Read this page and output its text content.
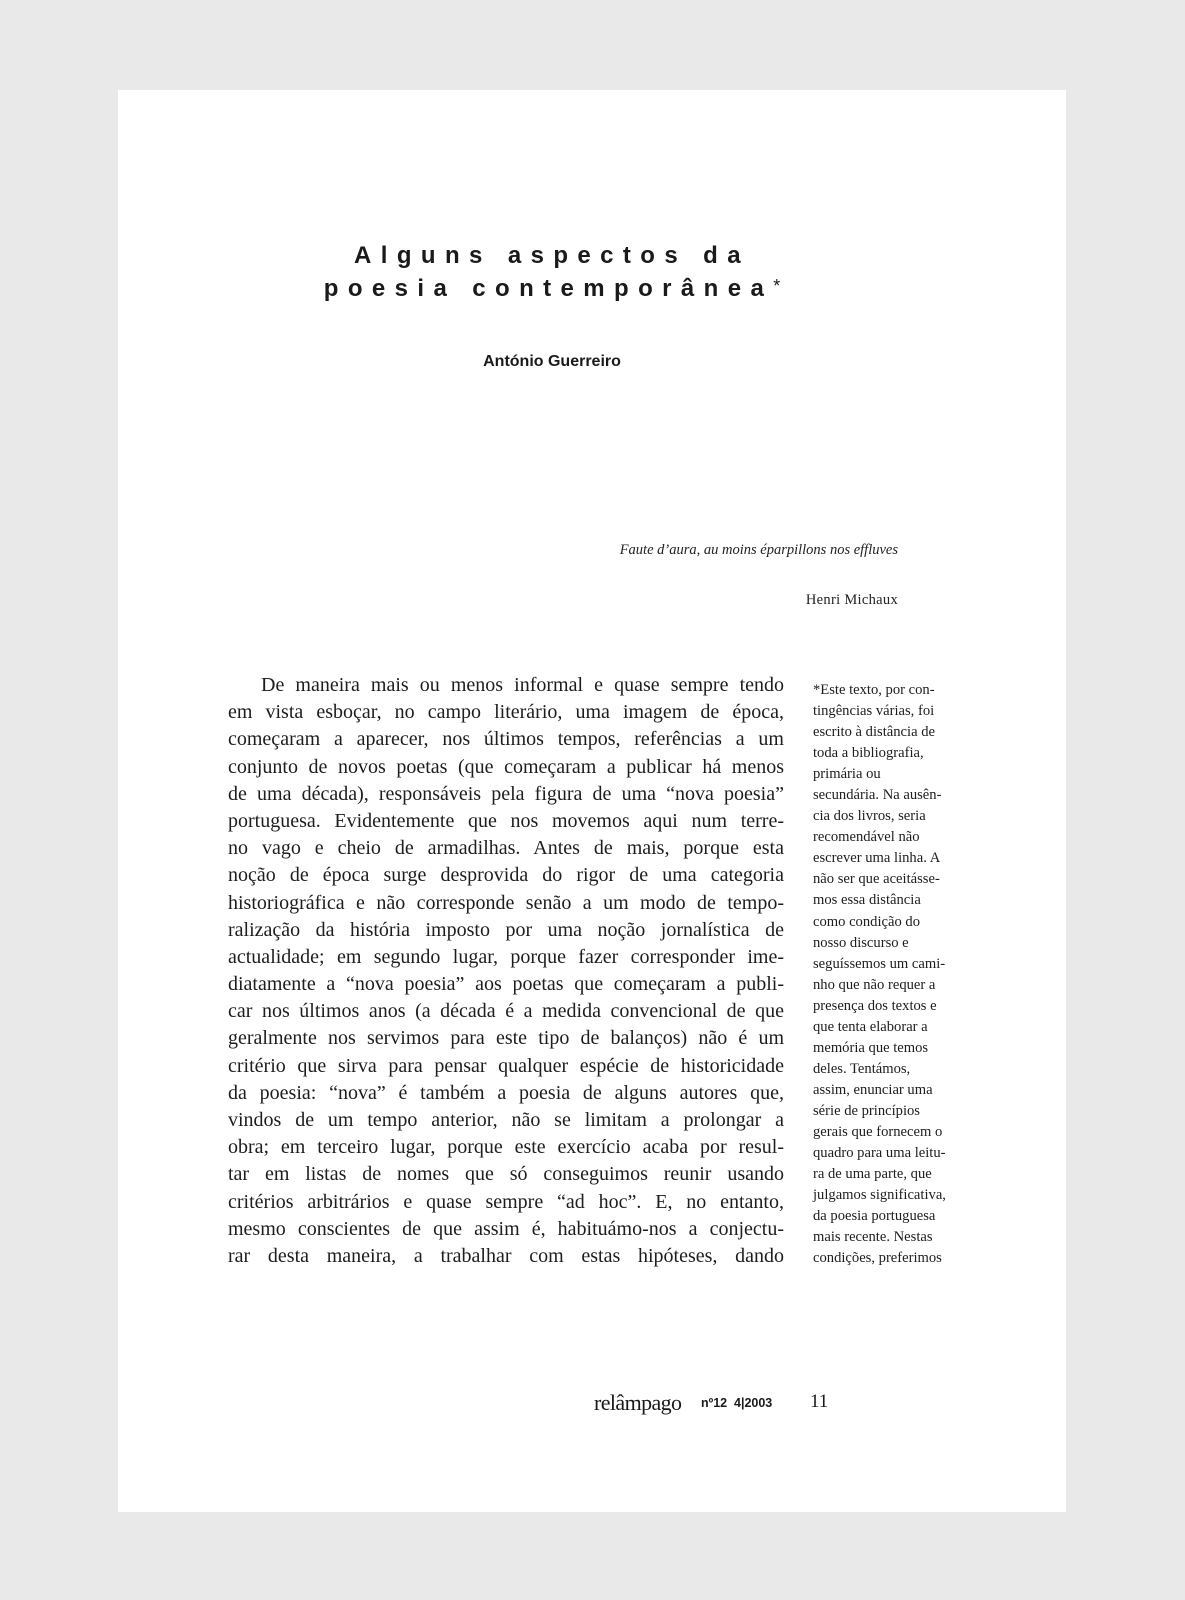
Alguns aspectos da
poesia contemporânea*
António Guerreiro
Faute d’aura, au moins éparpillons nos effluves
Henri Michaux
De maneira mais ou menos informal e quase sempre tendo
em vista esboçar, no campo literário, uma imagem de época,
começaram a aparecer, nos últimos tempos, referências a um
conjunto de novos poetas (que começaram a publicar há menos
de uma década), responsáveis pela figura de uma “nova poesia”
portuguesa. Evidentemente que nos movemos aqui num terre-
no vago e cheio de armadilhas. Antes de mais, porque esta
noção de época surge desprovida do rigor de uma categoria
historiográfica e não corresponde senão a um modo de tempo-
ralização da história imposto por uma noção jornalística de
actualidade; em segundo lugar, porque fazer corresponder ime-
diatamente a “nova poesia” aos poetas que começaram a publi-
car nos últimos anos (a década é a medida convencional de que
geralmente nos servimos para este tipo de balanços) não é um
critério que sirva para pensar qualquer espécie de historicidade
da poesia: “nova” é também a poesia de alguns autores que,
vindos de um tempo anterior, não se limitam a prolongar a
obra; em terceiro lugar, porque este exercício acaba por resul-
tar em listas de nomes que só conseguimos reunir usando
critérios arbitrários e quase sempre “ad hoc”. E, no entanto,
mesmo conscientes de que assim é, habituámo-nos a conjectu-
rar desta maneira, a trabalhar com estas hipóteses, dando
*Este texto, por con-
tingências várias, foi
escrito à distância de
toda a bibliografia,
primária ou
secundária. Na ausên-
cia dos livros, seria
recomendável não
escrever uma linha. A
não ser que aceitásse-
mos essa distância
como condição do
nosso discurso e
seguíssemos um cami-
nho que não requer a
presença dos textos e
que tenta elaborar a
memória que temos
deles. Tentámos,
assim, enunciar uma
série de princípios
gerais que fornecem o
quadro para uma leitu-
ra de uma parte, que
julgamos significativa,
da poesia portuguesa
mais recente. Nestas
condições, preferimos
relâmpago nº12 4|2003 11
